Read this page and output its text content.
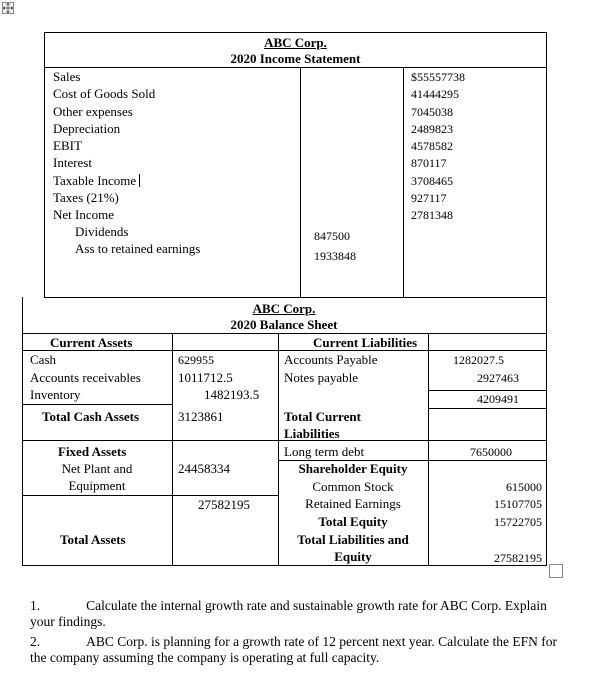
ABC Corp.
2020 Income Statement
Sales
Cost of Goods Sold
Other expenses
Depreciation
EBIT
Interest
Taxable Income
Taxes (21%)
Net Income
Dividends
Ass to retained earnings
$55557738
41444295
7045038
2489823
4578582
870117
3708465
927117
2781348
847500
1933848
ABC Corp.
2020 Balance Sheet
Current Assets
Cash
Accounts receivables
Inventory
Total Cash Assets
Fixed Assets
Net Plant and
Equipment
Total Assets
629955
1011712.5
1482193.5
3123861
24458334
27582195
Current Liabilities
Accounts Payable
Notes payable
Total Current
Liabilities
Long term debt
Shareholder Equity
Common Stock
Retained Earnings
Total Equity
Total Liabilities and
Equity
1282027.5
2927463
4209491
7650000
615000
15107705
15722705
27582195
1.	Calculate the internal growth rate and sustainable growth rate for ABC Corp. Explain your findings.
2.	ABC Corp. is planning for a growth rate of 12 percent next year. Calculate the EFN for the company assuming the company is operating at full capacity.
